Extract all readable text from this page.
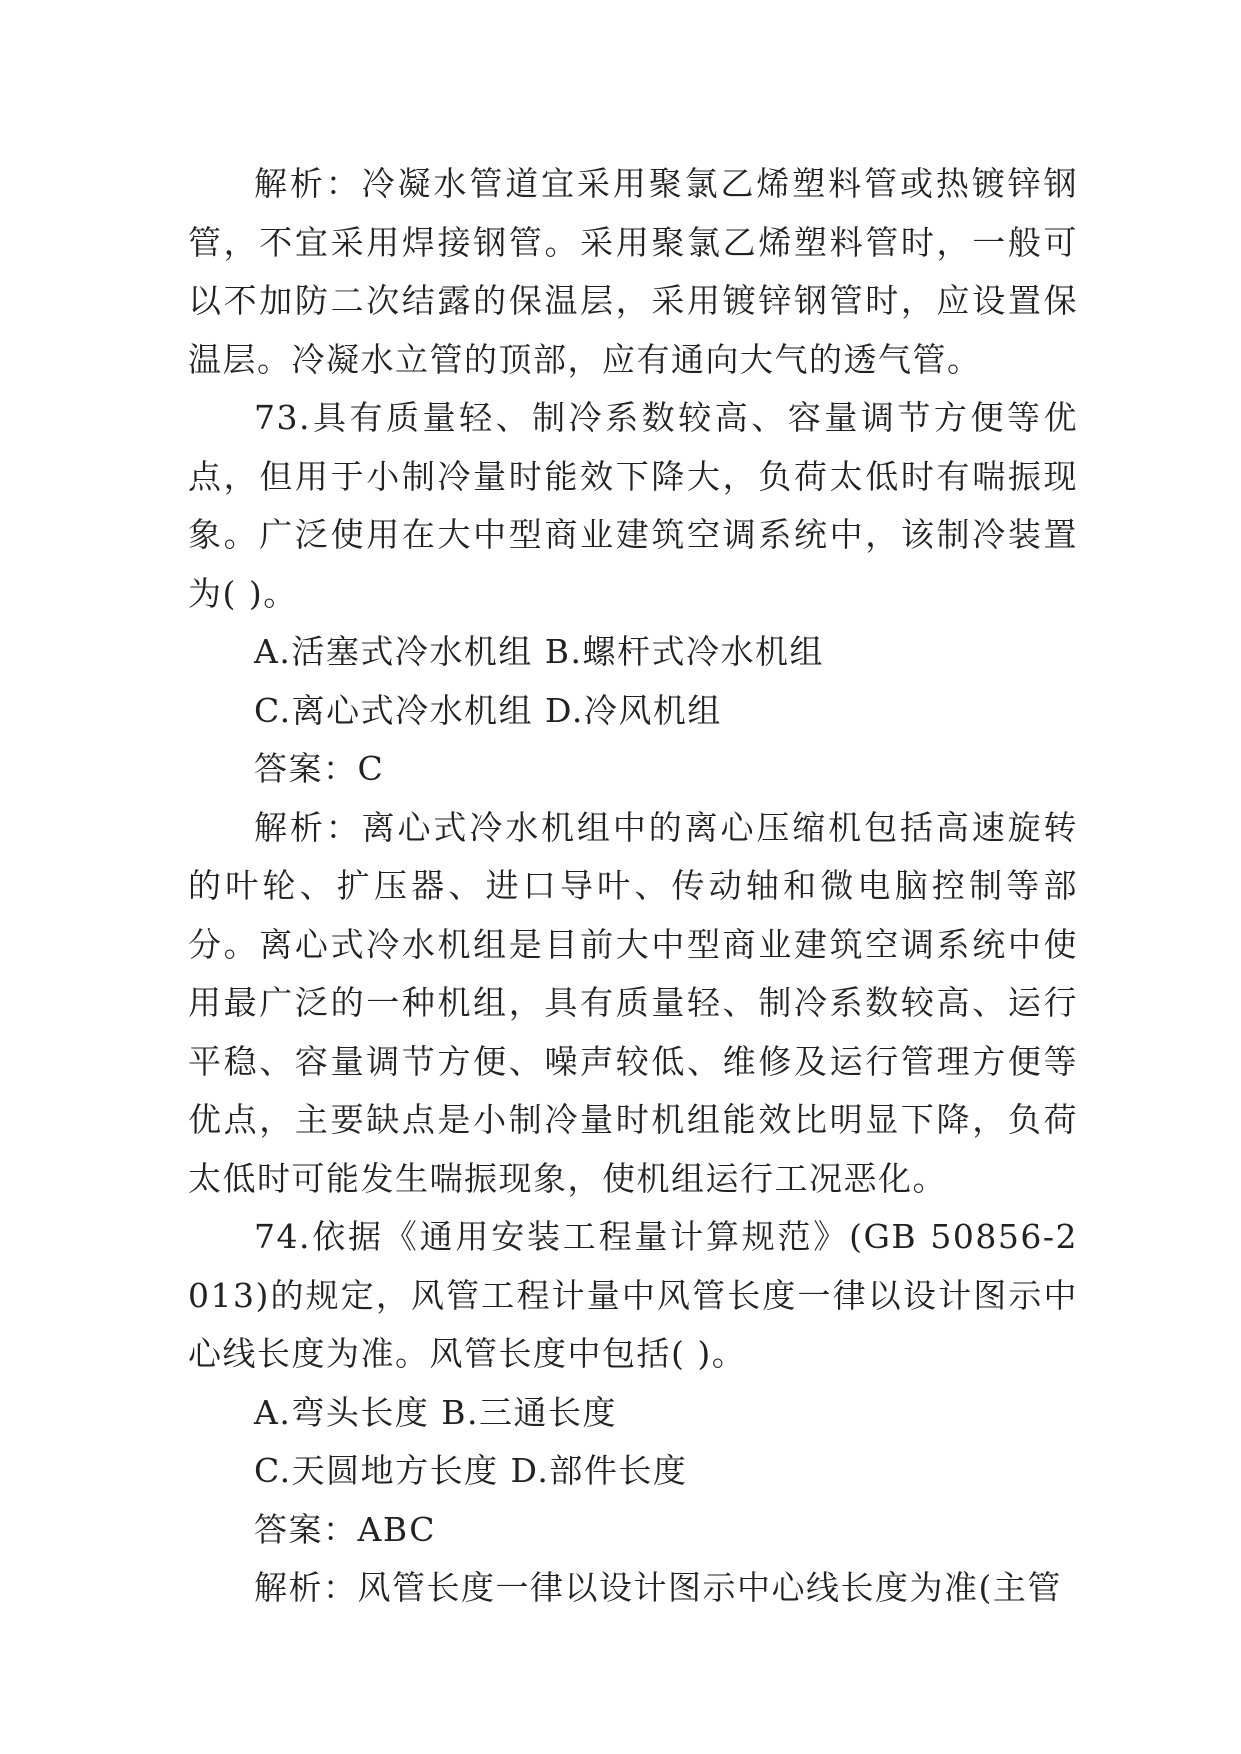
解析：冷凝水管道宜采用聚氯乙烯塑料管或热镀锌钢管，不宜采用焊接钢管。采用聚氯乙烯塑料管时，一般可以不加防二次结露的保温层，采用镀锌钢管时，应设置保温层。冷凝水立管的顶部，应有通向大气的透气管。

73.具有质量轻、制冷系数较高、容量调节方便等优点，但用于小制冷量时能效下降大，负荷太低时有喘振现象。广泛使用在大中型商业建筑空调系统中，该制冷装置为( )。

A.活塞式冷水机组 B.螺杆式冷水机组

C.离心式冷水机组 D.冷风机组

答案：C

解析：离心式冷水机组中的离心压缩机包括高速旋转的叶轮、扩压器、进口导叶、传动轴和微电脑控制等部分。离心式冷水机组是目前大中型商业建筑空调系统中使用最广泛的一种机组，具有质量轻、制冷系数较高、运行平稳、容量调节方便、噪声较低、维修及运行管理方便等优点，主要缺点是小制冷量时机组能效比明显下降，负荷太低时可能发生喘振现象，使机组运行工况恶化。

74.依据《通用安装工程量计算规范》(GB 50856-2013)的规定，风管工程计量中风管长度一律以设计图示中心线长度为准。风管长度中包括( )。

A.弯头长度 B.三通长度

C.天圆地方长度 D.部件长度

答案：ABC

解析：风管长度一律以设计图示中心线长度为准(主管
